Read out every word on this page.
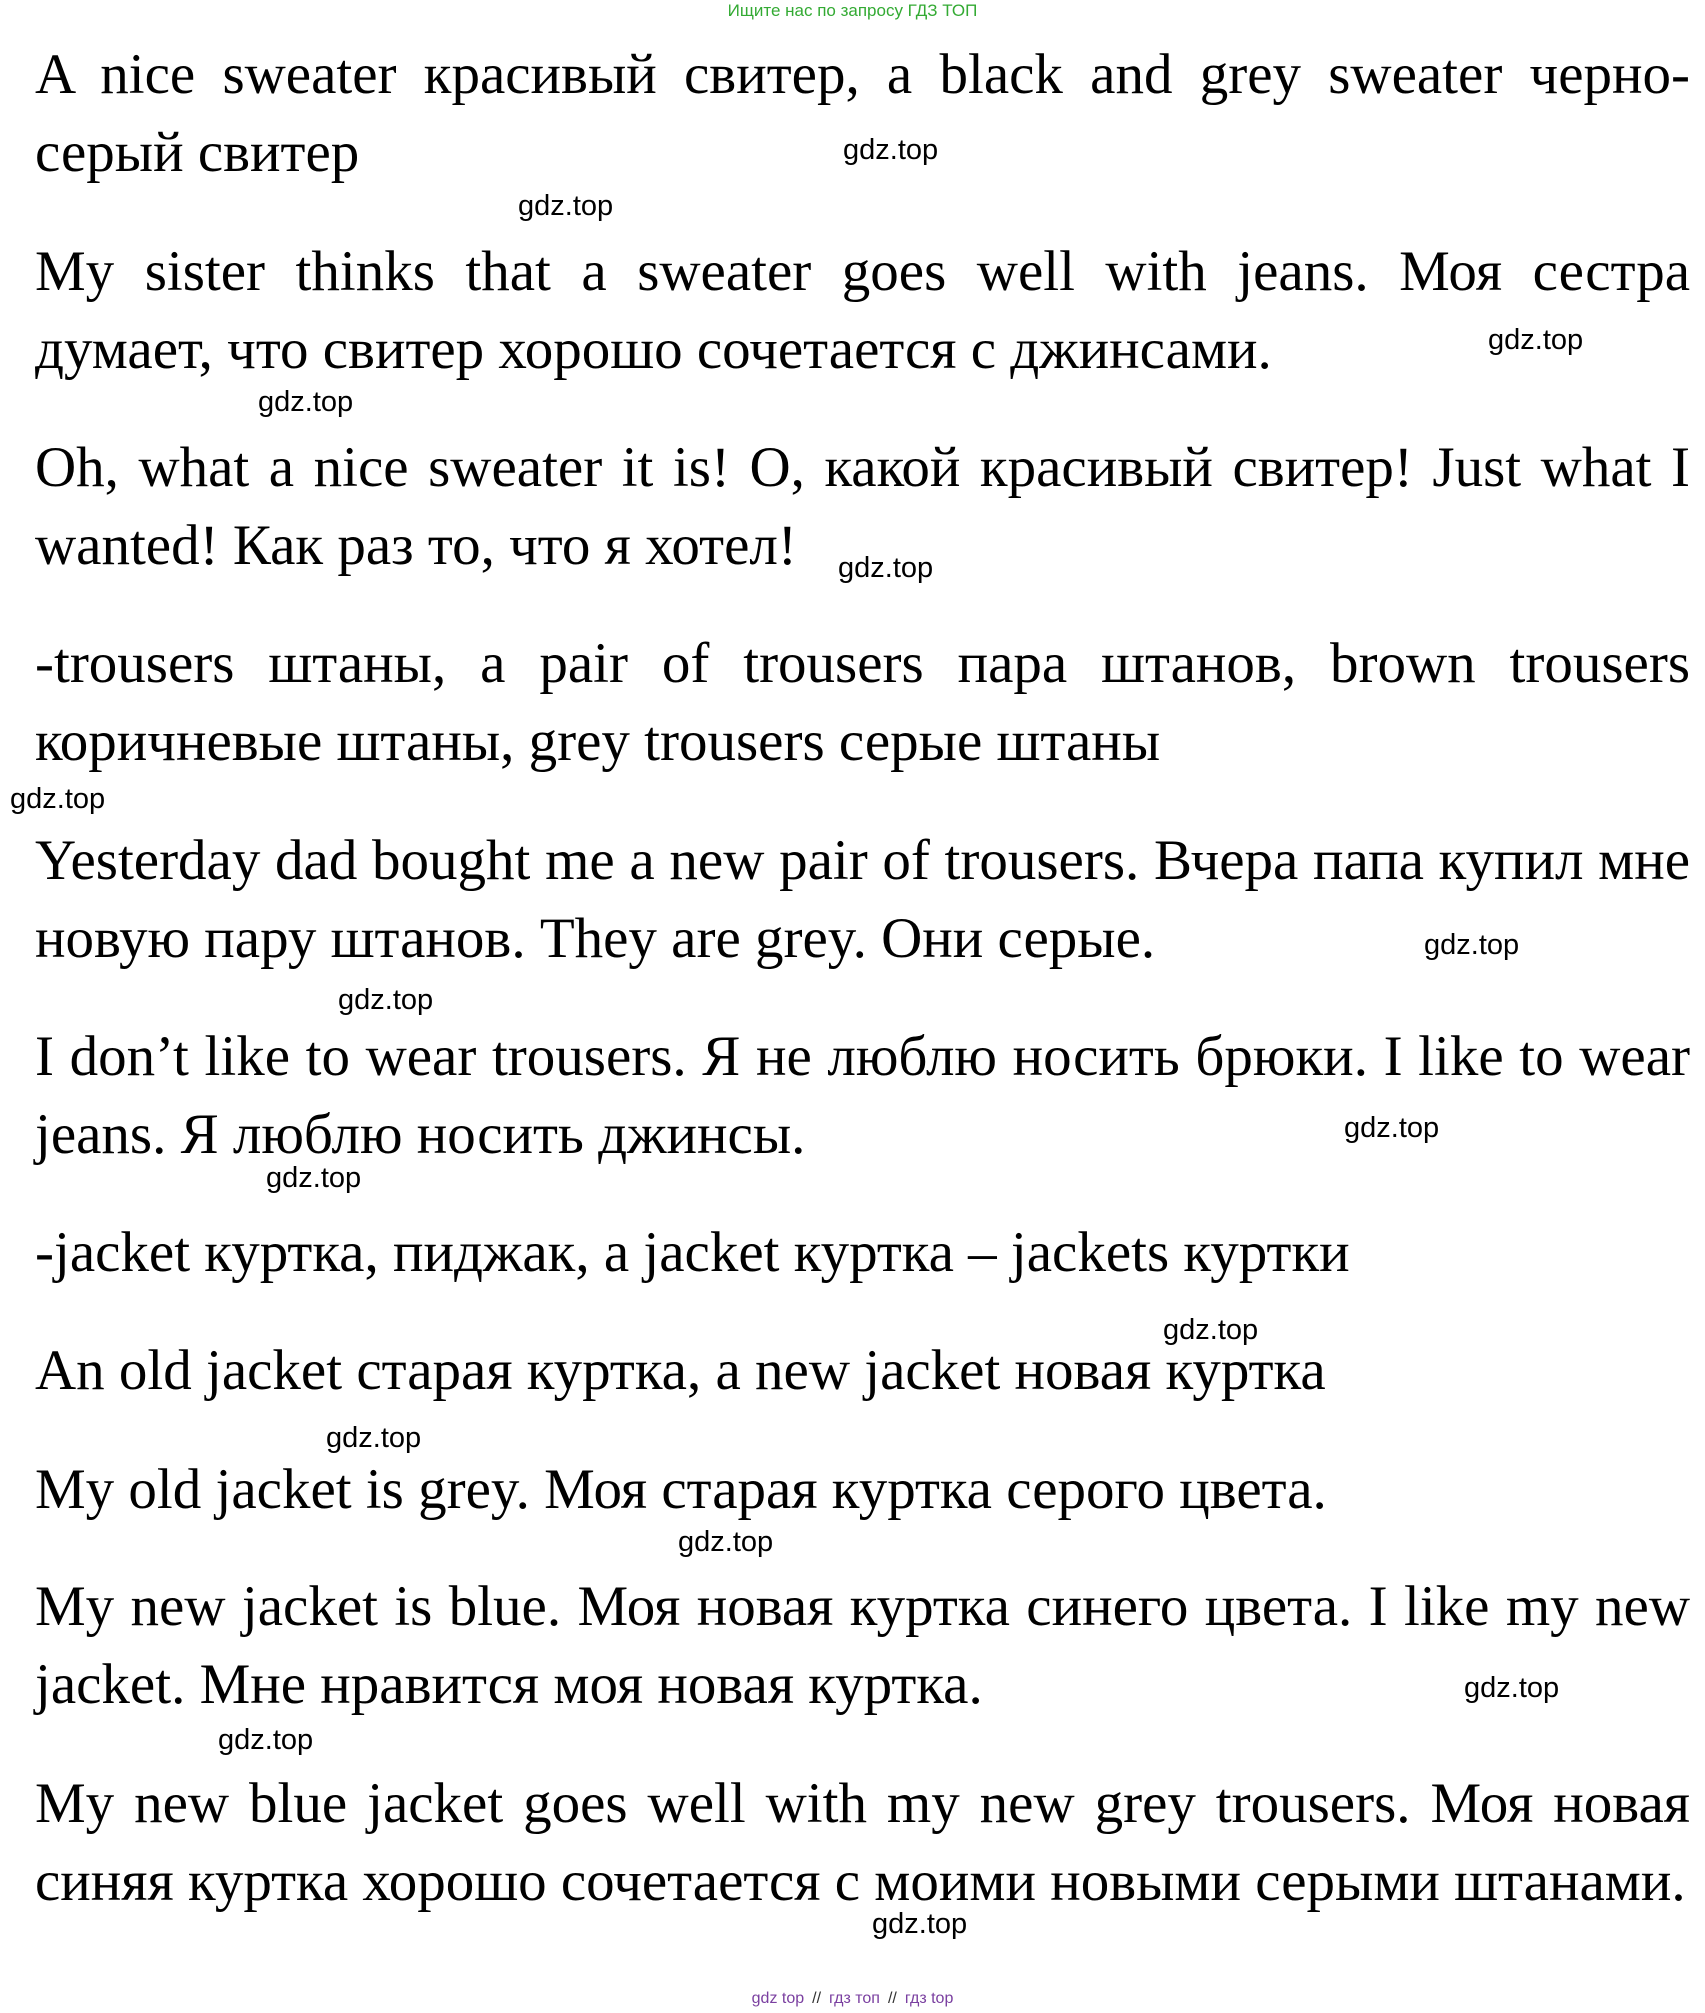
Ищите нас по запросу ГДЗ ТОП

A nice sweater красивый свитер, a black and grey sweater черно-серый свитер

My sister thinks that a sweater goes well with jeans. Моя сестра думает, что свитер хорошо сочетается с джинсами.

Oh, what a nice sweater it is! О, какой красивый свитер! Just what I wanted! Как раз то, что я хотел!

-trousers штаны, a pair of trousers пара штанов, brown trousers коричневые штаны, grey trousers серые штаны

Yesterday dad bought me a new pair of trousers. Вчера папа купил мне новую пару штанов. They are grey. Они серые.

I don’t like to wear trousers. Я не люблю носить брюки. I like to wear jeans. Я люблю носить джинсы.

-jacket куртка, пиджак, a jacket куртка – jackets куртки

An old jacket старая куртка, a new jacket новая куртка

My old jacket is grey. Моя старая куртка серого цвета.

My new jacket is blue. Моя новая куртка синего цвета. I like my new jacket. Мне нравится моя новая куртка.

My new blue jacket goes well with my new grey trousers. Моя новая синяя куртка хорошо сочетается с моими новыми серыми штанами.

gdz.top
gdz.top
gdz.top
gdz.top
gdz.top
gdz.top
gdz.top
gdz.top
gdz.top
gdz.top
gdz.top
gdz.top
gdz.top
gdz.top
gdz.top
gdz.top
gdz top // гдз топ // гдз top
